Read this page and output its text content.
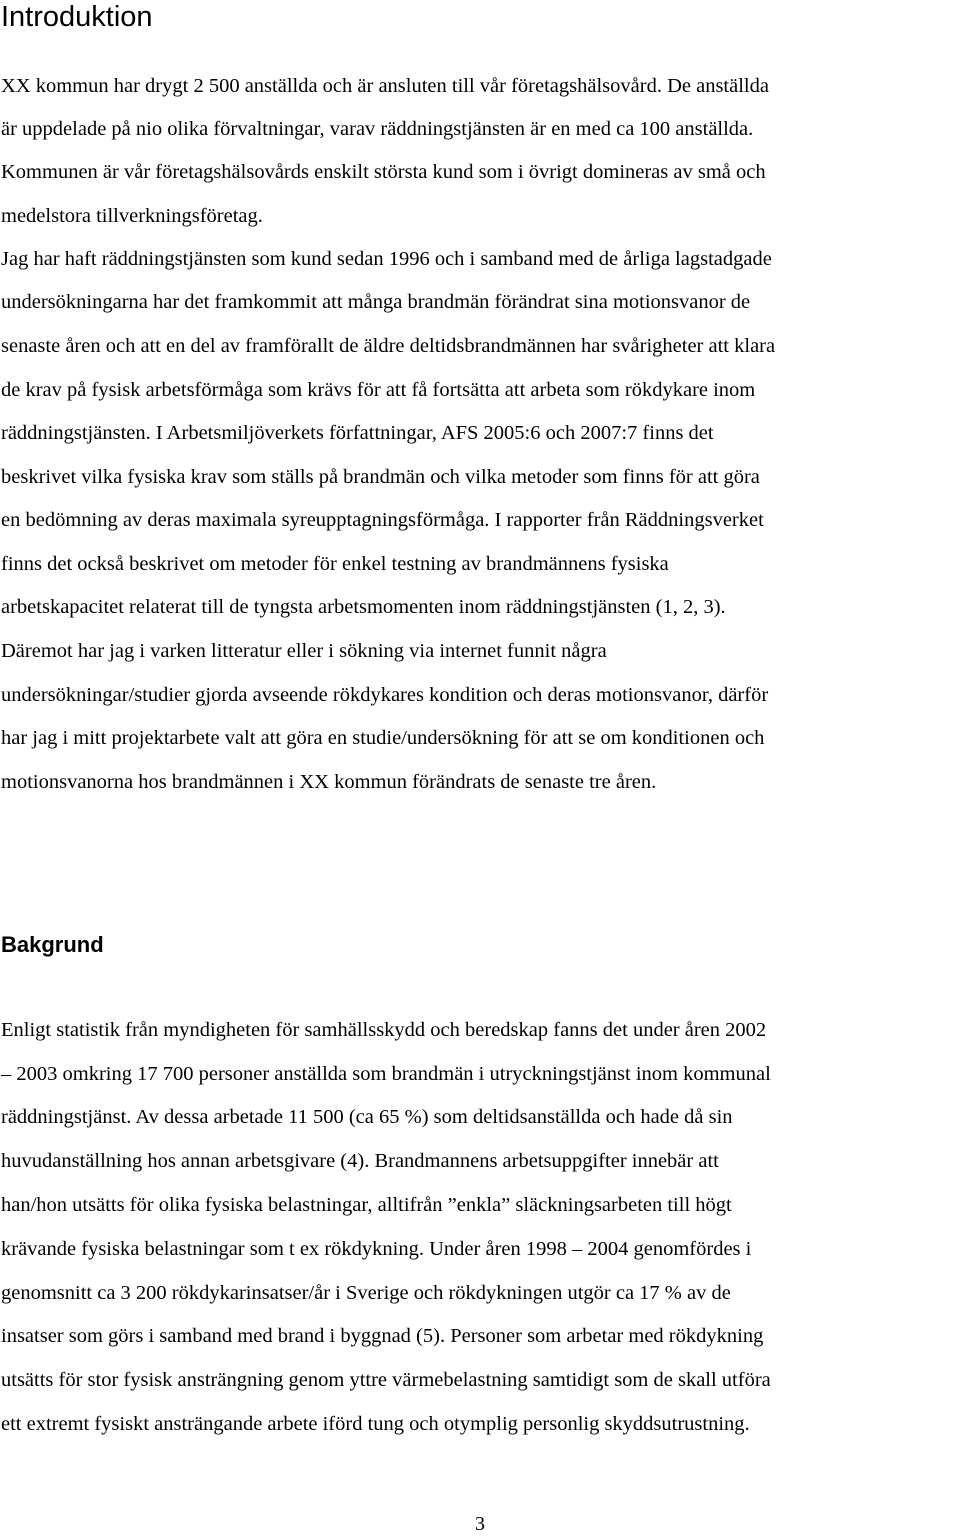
Introduktion

XX kommun har drygt 2 500 anställda och är ansluten till vår företagshälsovård. De anställda

är uppdelade på nio olika förvaltningar, varav räddningstjänsten är en med ca 100 anställda.

Kommunen är vår företagshälsovårds enskilt största kund som i övrigt domineras av små och

medelstora tillverkningsföretag.

Jag har haft räddningstjänsten som kund sedan 1996 och i samband med de årliga lagstadgade

undersökningarna har det framkommit att många brandmän förändrat sina motionsvanor de

senaste åren och att en del av framförallt de äldre deltidsbrandmännen har svårigheter att klara

de krav på fysisk arbetsförmåga som krävs för att få fortsätta att arbeta som rökdykare inom

räddningstjänsten. I Arbetsmiljöverkets författningar, AFS 2005:6 och 2007:7 finns det

beskrivet vilka fysiska krav som ställs på brandmän och vilka metoder som finns för att göra

en bedömning av deras maximala syreupptagningsförmåga. I rapporter från Räddningsverket

finns det också beskrivet om metoder för enkel testning av brandmännens fysiska

arbetskapacitet relaterat till de tyngsta arbetsmomenten inom räddningstjänsten (1, 2, 3).

Däremot har jag i varken litteratur eller i sökning via internet funnit några

undersökningar/studier gjorda avseende rökdykares kondition och deras motionsvanor, därför

har jag i mitt projektarbete valt att göra en studie/undersökning för att se om konditionen och

motionsvanorna hos brandmännen i XX kommun förändrats de senaste tre åren.

Bakgrund

Enligt statistik från myndigheten för samhällsskydd och beredskap fanns det under åren 2002

– 2003 omkring 17 700 personer anställda som brandmän i utryckningstjänst inom kommunal

räddningstjänst. Av dessa arbetade 11 500 (ca 65 %) som deltidsanställda och hade då sin

huvudanställning hos annan arbetsgivare (4). Brandmannens arbetsuppgifter innebär att

han/hon utsätts för olika fysiska belastningar, alltifrån ”enkla” släckningsarbeten till högt

krävande fysiska belastningar som t ex rökdykning. Under åren 1998 – 2004 genomfördes i

genomsnitt ca 3 200 rökdykarinsatser/år i Sverige och rökdykningen utgör ca 17 % av de

insatser som görs i samband med brand i byggnad (5). Personer som arbetar med rökdykning

utsätts för stor fysisk ansträngning genom yttre värmebelastning samtidigt som de skall utföra

ett extremt fysiskt ansträngande arbete iförd tung och otymplig personlig skyddsutrustning.

3
